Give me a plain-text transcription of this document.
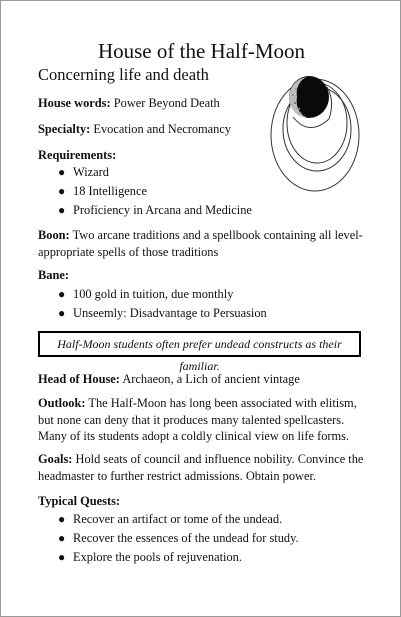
House of the Half-Moon
Concerning life and death
House words: Power Beyond Death
Specialty: Evocation and Necromancy
Requirements:
● Wizard
● 18 Intelligence
● Proficiency in Arcana and Medicine
Boon: Two arcane traditions and a spellbook containing all level-
appropriate spells of those traditions
Bane:
● 100 gold in tuition, due monthly
● Unseemly: Disadvantage to Persuasion
Half-Moon students often prefer undead constructs as their familiar.
Head of House: Archaeon, a Lich of ancient vintage
Outlook: The Half-Moon has long been associated with elitism,
but none can deny that it produces many talented spellcasters.
Many of its students adopt a coldly clinical view on life forms.
Goals: Hold seats of council and influence nobility. Convince the
headmaster to further restrict admissions. Obtain power.
Typical Quests:
● Recover an artifact or tome of the undead.
● Recover the essences of the undead for study.
● Explore the pools of rejuvenation.
